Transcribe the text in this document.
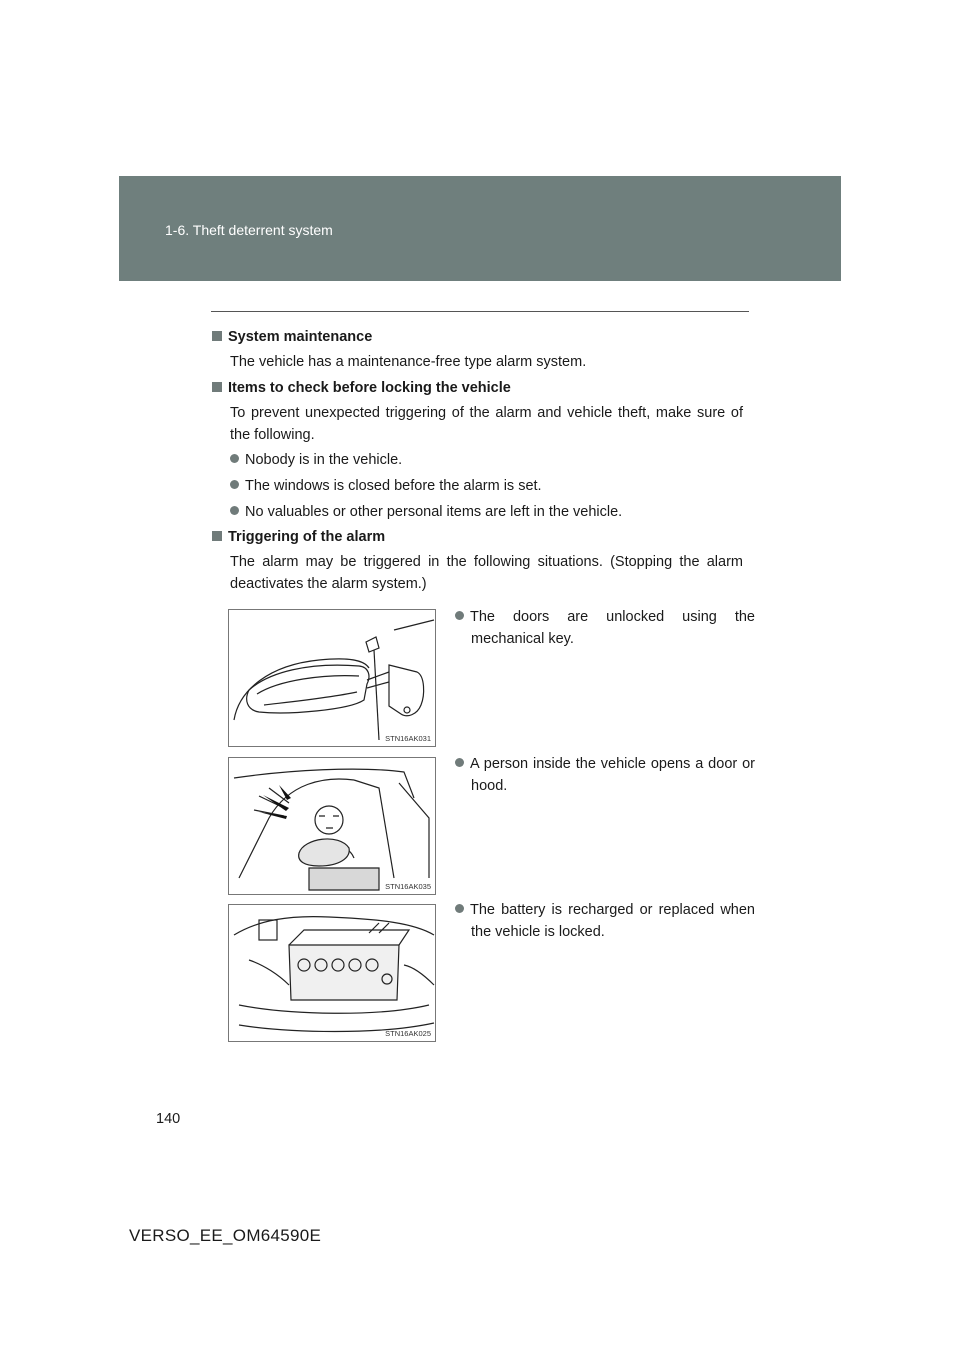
1-6. Theft deterrent system
System maintenance
The vehicle has a maintenance-free type alarm system.
Items to check before locking the vehicle
To prevent unexpected triggering of the alarm and vehicle theft, make sure of the following.
Nobody is in the vehicle.
The windows is closed before the alarm is set.
No valuables or other personal items are left in the vehicle.
Triggering of the alarm
The alarm may be triggered in the following situations. (Stopping the alarm deactivates the alarm system.)
STN16AK031
The doors are unlocked using the mechanical key.
STN16AK035
A person inside the vehicle opens a door or hood.
STN16AK025
The battery is recharged or replaced when the vehicle is locked.
140
VERSO_EE_OM64590E
